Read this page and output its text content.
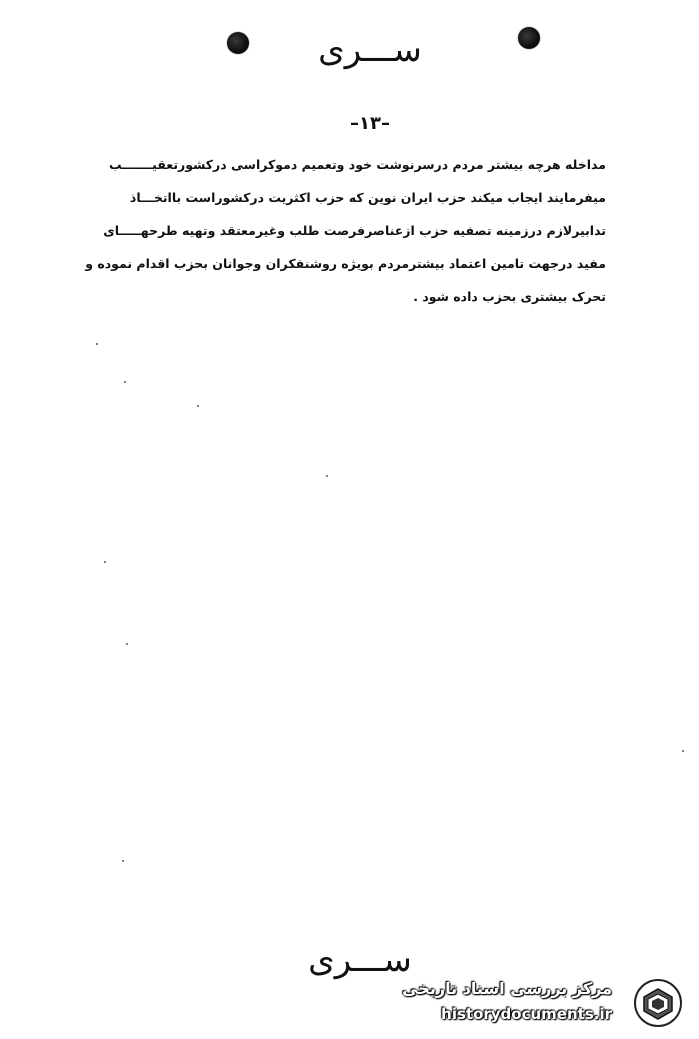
ســـری
–۱۳–
مداخله هرچه بیشتر مردم درسرنوشت خود وتعمیم دموکراسی درکشورتعقیـــــــب
میفرمایند ایجاب میکند حزب ایران نوین که حزب اکثریت درکشوراست بااتخـــاذ
تدابیرلازم درزمینه تصفیه حزب ازعناصرفرصت طلب وغیرمعتقد وتهیه طرحهـــــای
مفید درجهت تامین اعتماد بیشترمردم بویژه روشنفکران وجوانان بحزب اقدام نموده و
تحرک بیشتری بحزب داده شود .
ســـری
مرکز بررسی اسناد تاریخی
historydocuments.ir
